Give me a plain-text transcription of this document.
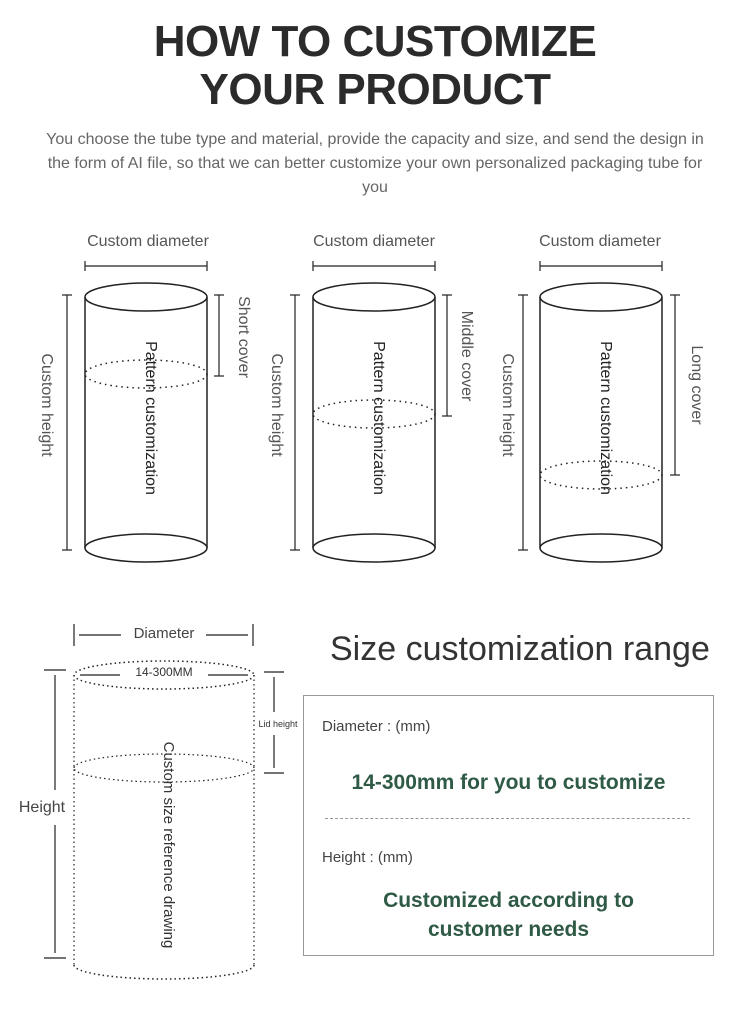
HOW TO CUSTOMIZE
YOUR PRODUCT
You choose the tube type and material, provide the capacity and size, and send the design in the form of AI file, so that we can better customize your own personalized packaging tube for you
Custom diameter
Custom height	Pattern customization
Short cover
Custom diameter
Custom height	Pattern customization	Middle cover
Custom diameter
Custom height	Pattern customization	Long cover
Diameter
14-300MM
Custom size reference drawing
Height
Lid height
Size customization range
Diameter : (mm)
14-300mm for you to customize
Height : (mm)
Customized according to
customer needs
